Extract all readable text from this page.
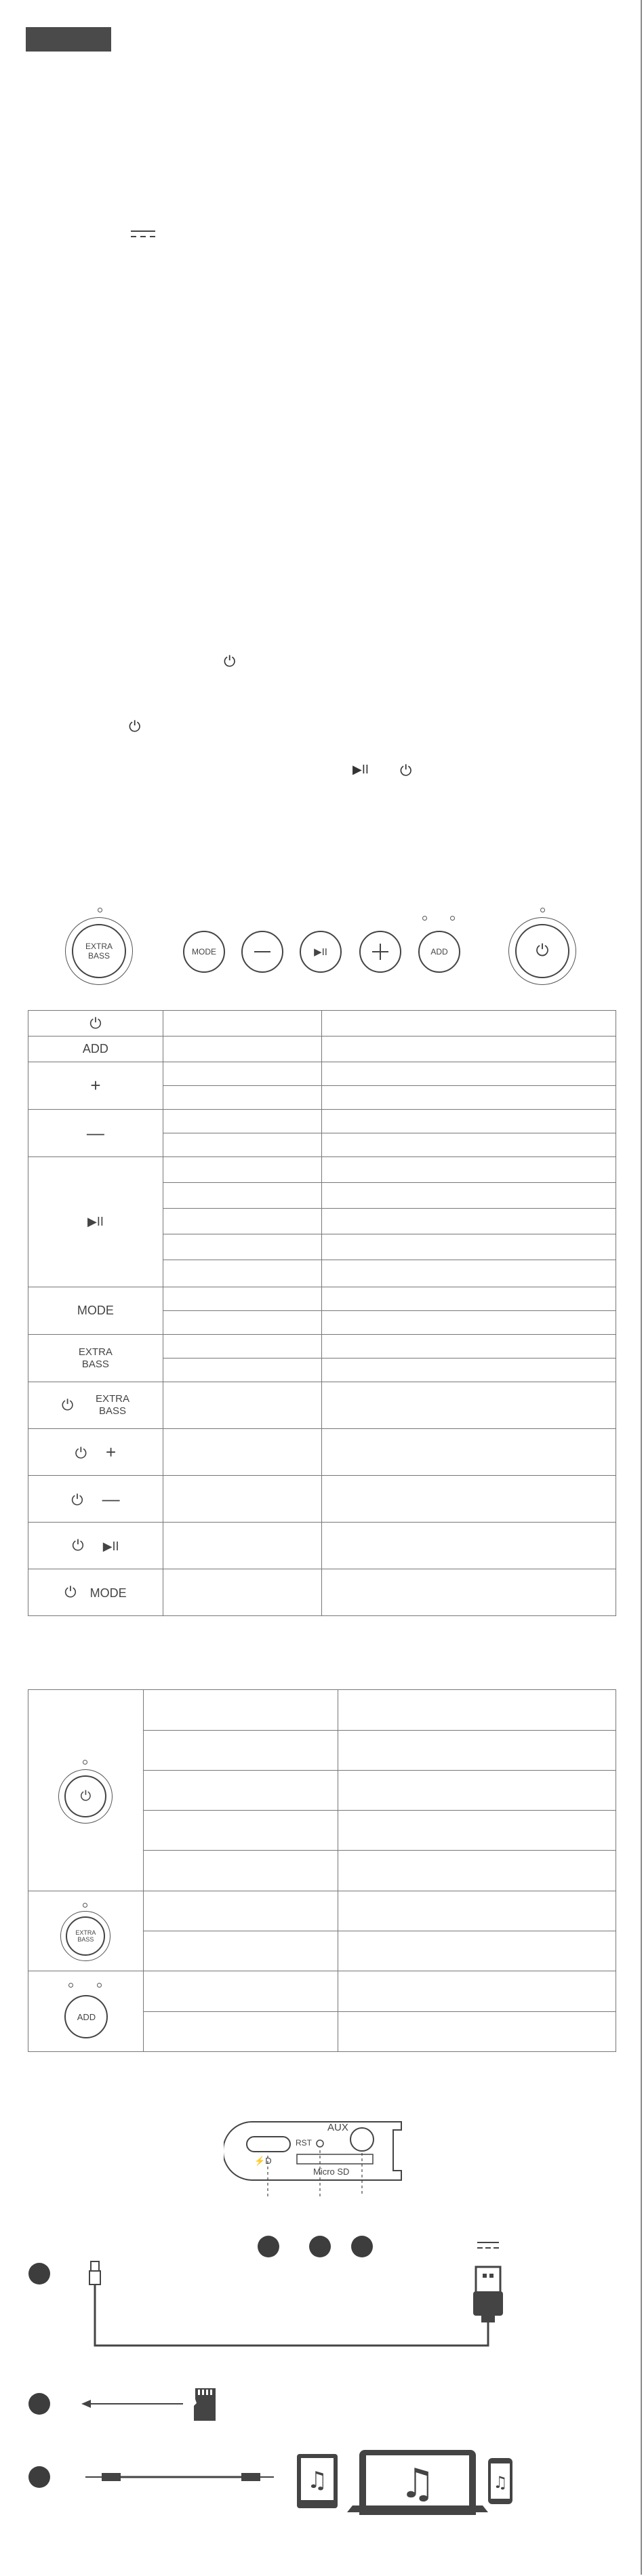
⏻
⏻
▶II ⏻
EXTRA
BASS	MODE	▶II	ADD	⏻
⏻		
ADD		
+		

—		

▶II		

MODE		

EXTRA
BASS		

⏻ EXTRA
BASS		

⏻ +		
⏻ —		
⏻ ▶II		
⏻ MODE		
⏻		

EXTRA
BASS		

ADD		

AUX
RST
Micro SD
⚡D
♫ ♫	♫
